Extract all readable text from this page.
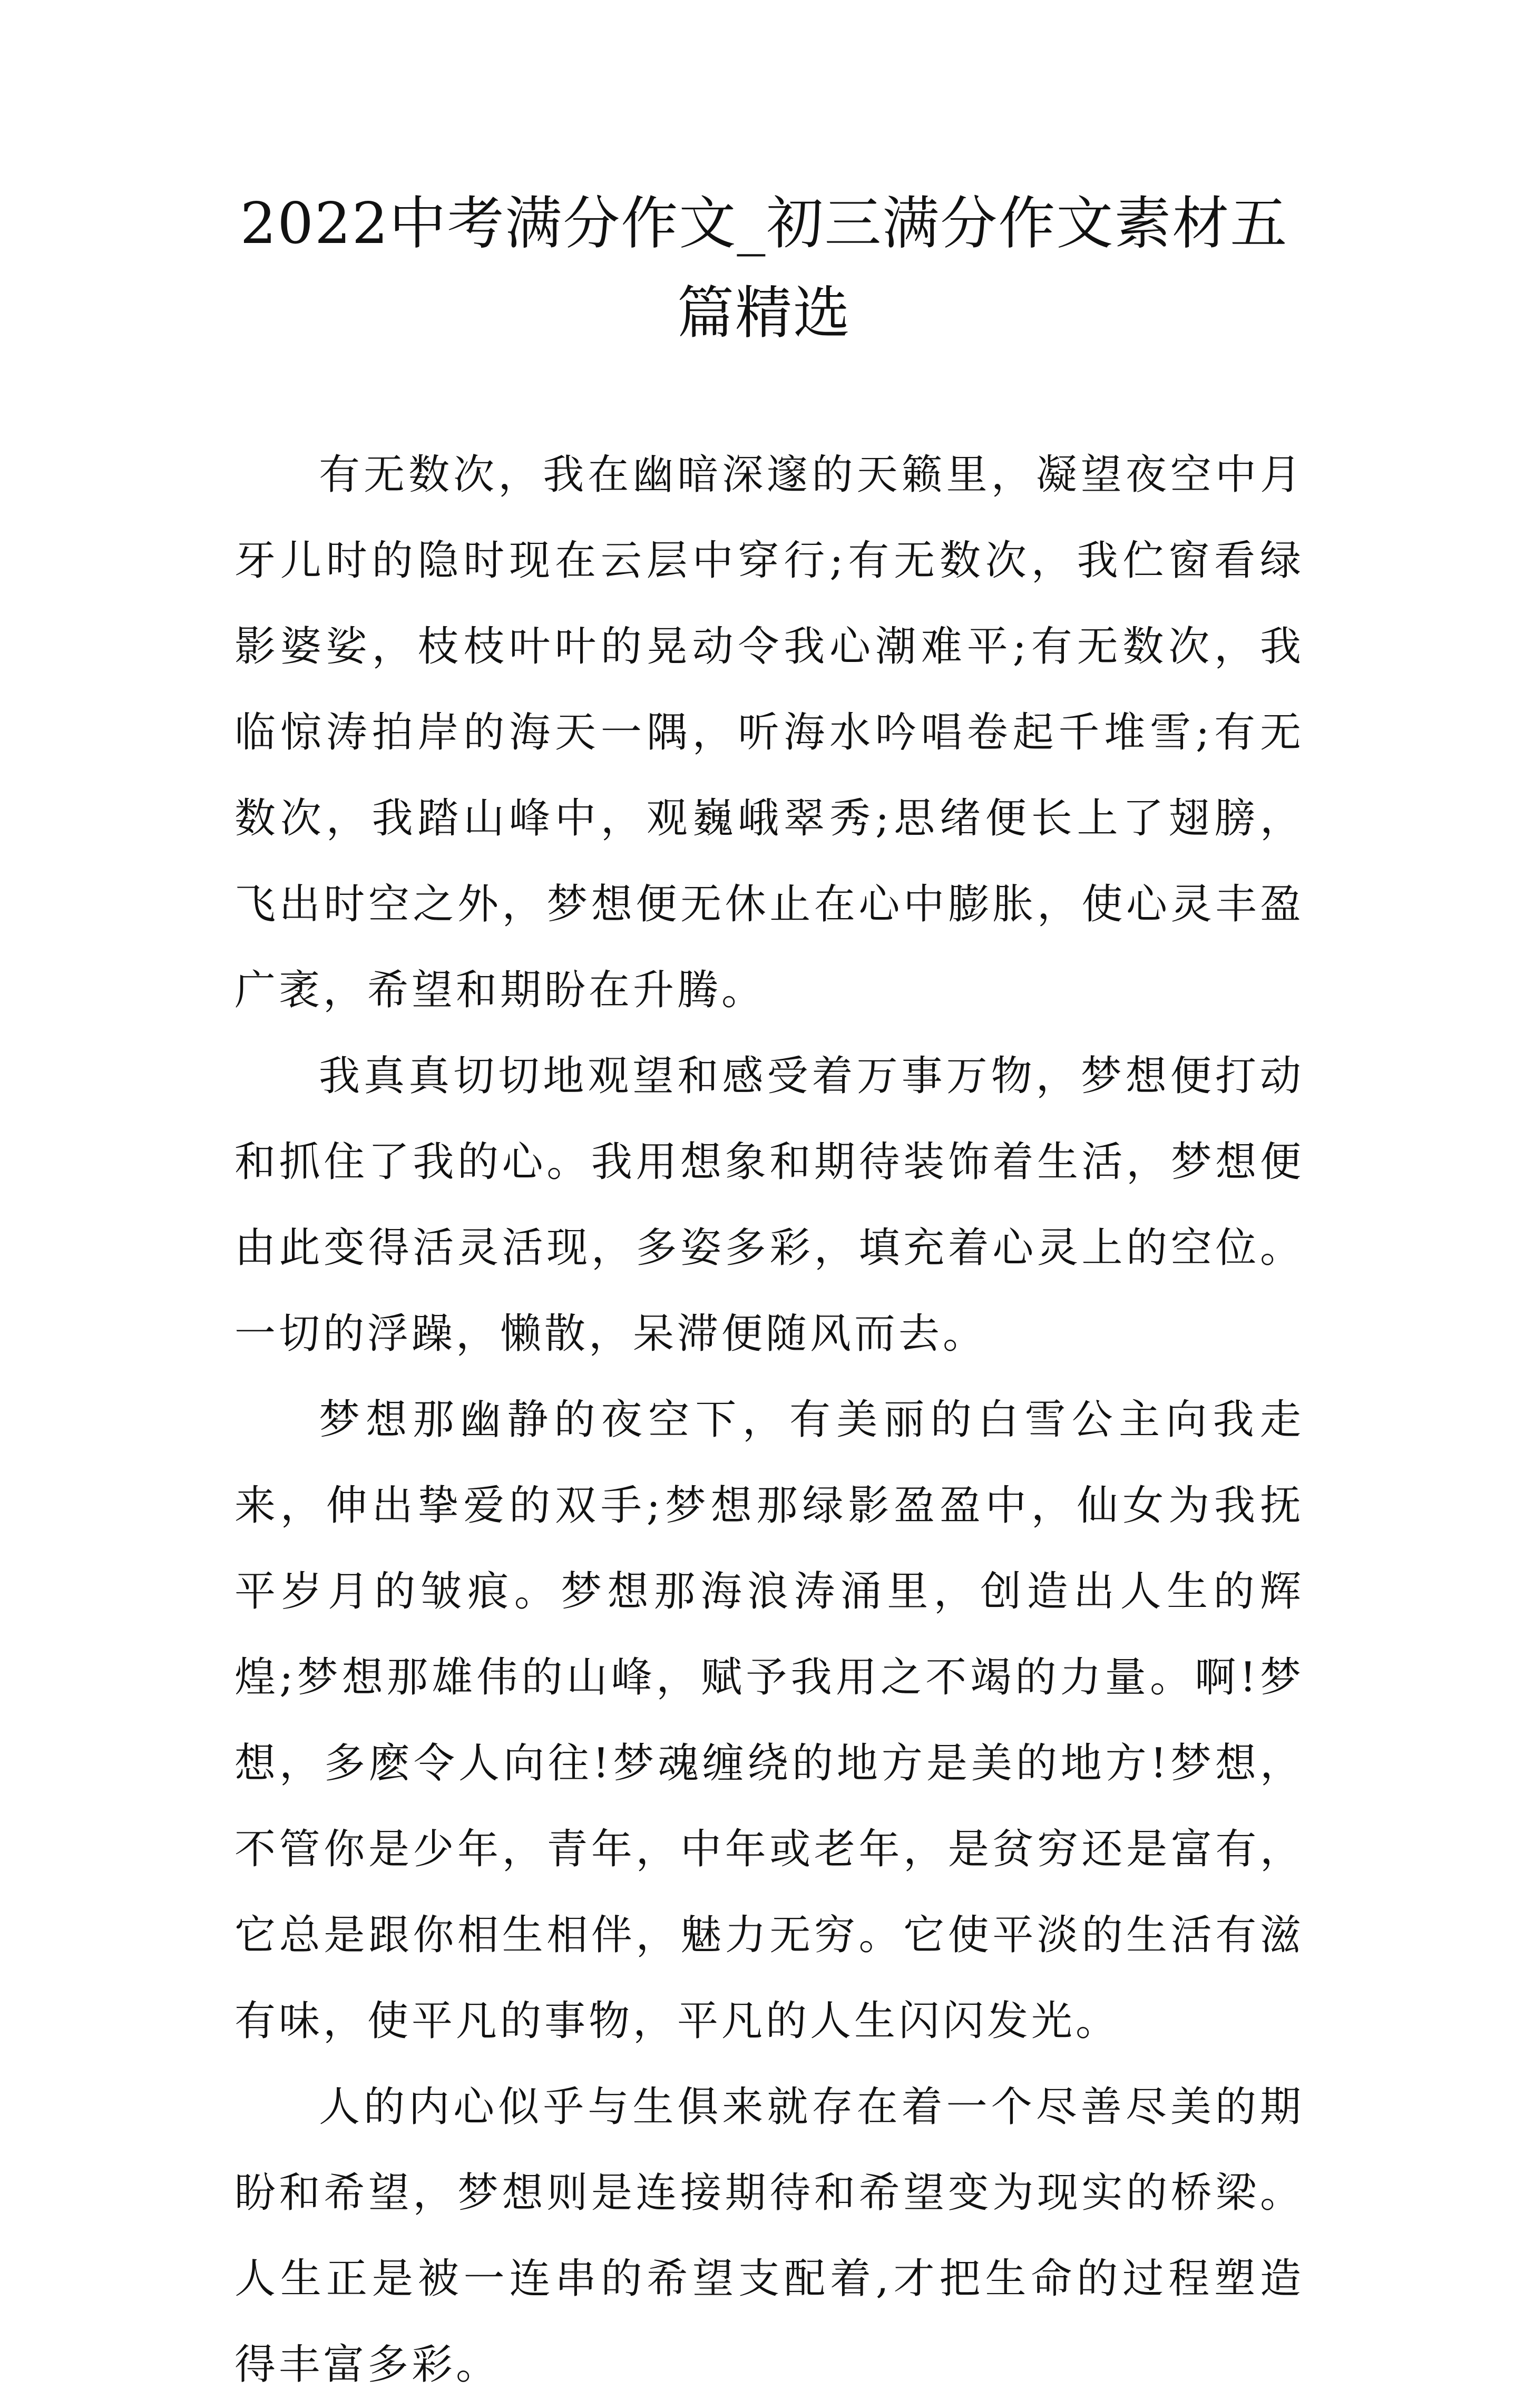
2022中考满分作文_初三满分作文素材五篇精选

有无数次，我在幽暗深邃的天籁里，凝望夜空中月牙儿时的隐时现在云层中穿行;有无数次，我伫窗看绿影婆娑，枝枝叶叶的晃动令我心潮难平;有无数次，我临惊涛拍岸的海天一隅，听海水吟唱卷起千堆雪;有无数次，我踏山峰中，观巍峨翠秀;思绪便长上了翅膀，飞出时空之外，梦想便无休止在心中膨胀，使心灵丰盈广袤，希望和期盼在升腾。

我真真切切地观望和感受着万事万物，梦想便打动和抓住了我的心。我用想象和期待装饰着生活，梦想便由此变得活灵活现，多姿多彩，填充着心灵上的空位。一切的浮躁，懒散，呆滞便随风而去。

梦想那幽静的夜空下，有美丽的白雪公主向我走来，伸出挚爱的双手;梦想那绿影盈盈中，仙女为我抚平岁月的皱痕。梦想那海浪涛涌里，创造出人生的辉煌;梦想那雄伟的山峰，赋予我用之不竭的力量。啊!梦想，多麽令人向往!梦魂缠绕的地方是美的地方!梦想，不管你是少年，青年，中年或老年，是贫穷还是富有，它总是跟你相生相伴，魅力无穷。它使平淡的生活有滋有味，使平凡的事物，平凡的人生闪闪发光。

人的内心似乎与生俱来就存在着一个尽善尽美的期盼和希望，梦想则是连接期待和希望变为现实的桥梁。人生正是被一连串的希望支配着,才把生命的过程塑造得丰富多彩。
